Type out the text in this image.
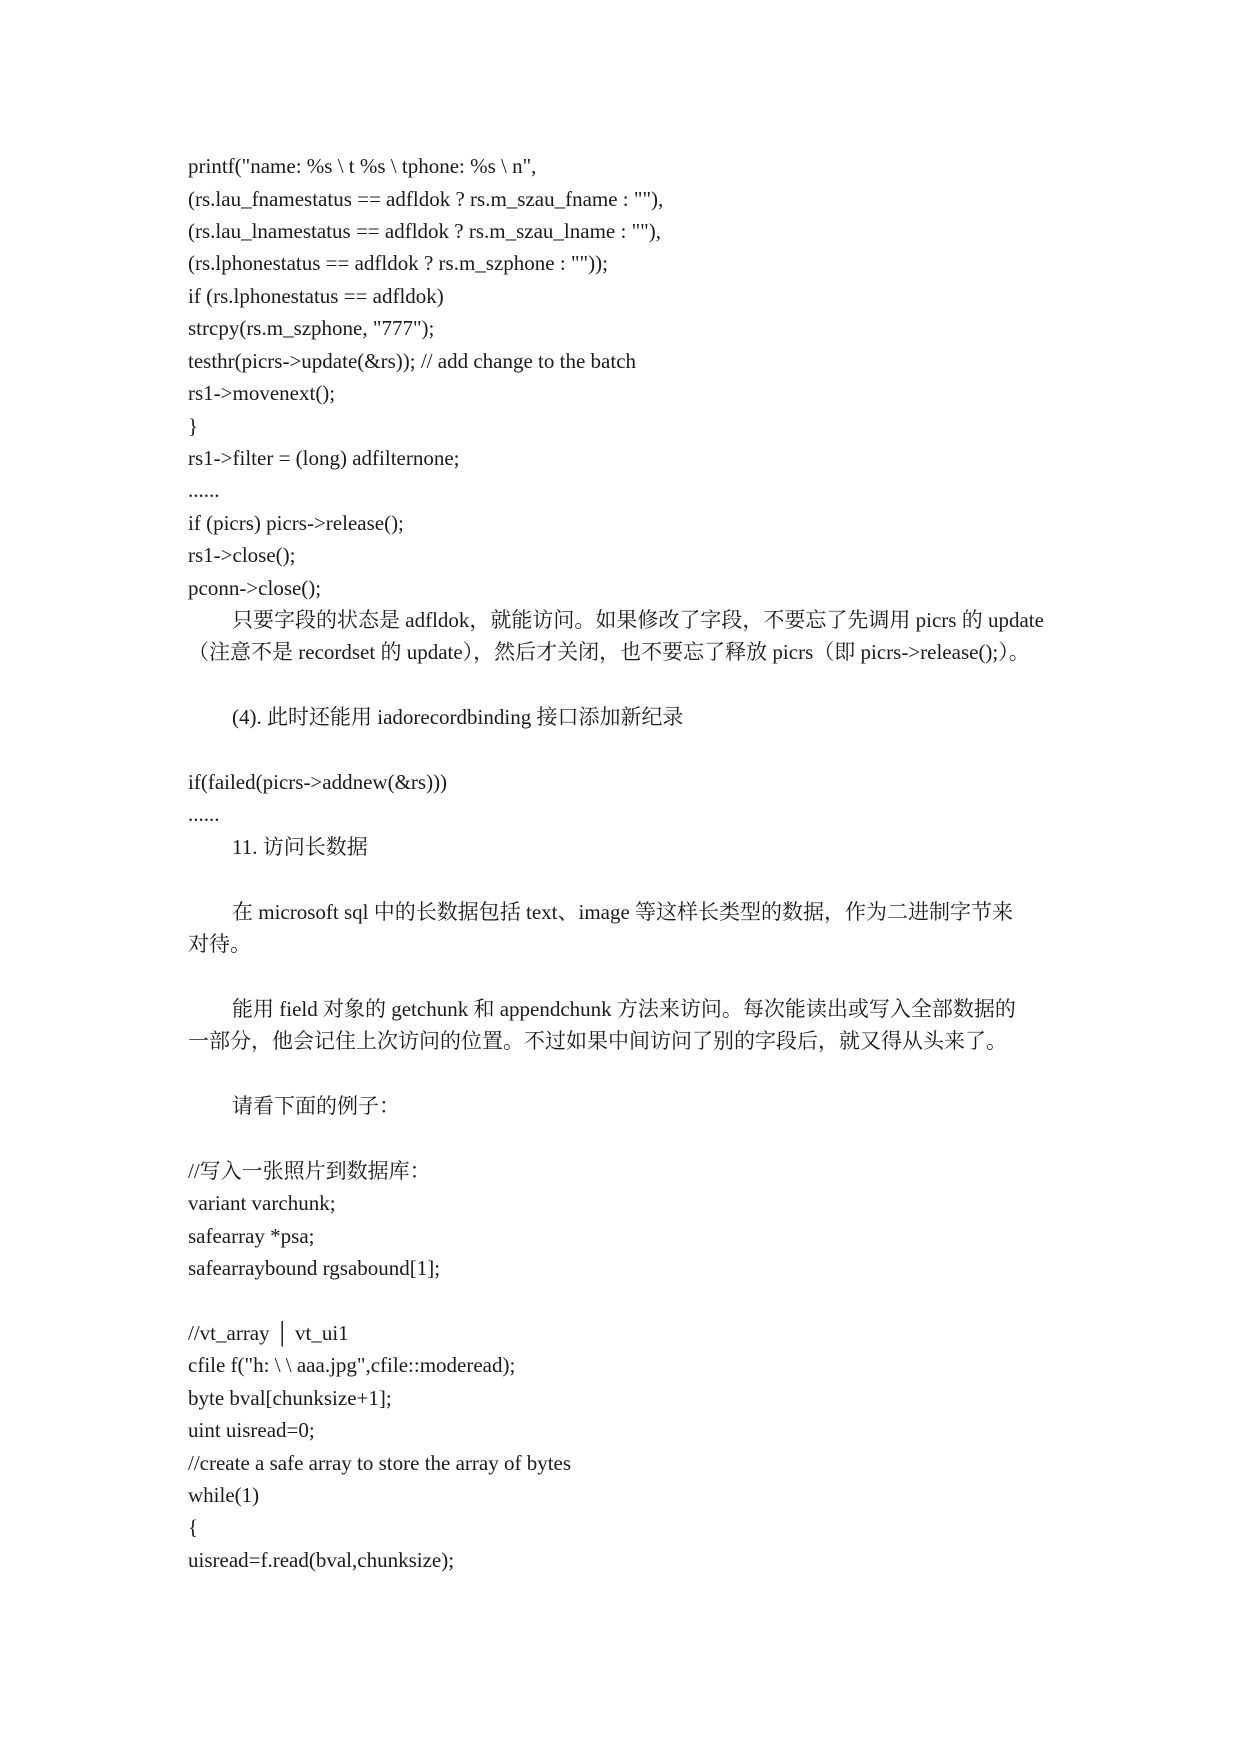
printf("name: %s \ t %s \ tphone: %s \ n",
(rs.lau_fnamestatus == adfldok ? rs.m_szau_fname : ""),
(rs.lau_lnamestatus == adfldok ? rs.m_szau_lname : ""),
(rs.lphonestatus == adfldok ? rs.m_szphone : ""));
if (rs.lphonestatus == adfldok)
strcpy(rs.m_szphone, "777");
testhr(picrs->update(&rs)); // add change to the batch
rs1->movenext();
}
rs1->filter = (long) adfilternone;
......
if (picrs) picrs->release();
rs1->close();
pconn->close();
只要字段的状态是 adfldok，就能访问。如果修改了字段，不要忘了先调用 picrs 的 update
（注意不是 recordset 的 update），然后才关闭，也不要忘了释放 picrs（即 picrs->release();）。
(4). 此时还能用 iadorecordbinding 接口添加新纪录
if(failed(picrs->addnew(&rs)))
......
11. 访问长数据
在 microsoft sql 中的长数据包括 text、image 等这样长类型的数据，作为二进制字节来
对待。
能用 field 对象的 getchunk 和 appendchunk 方法来访问。每次能读出或写入全部数据的
一部分，他会记住上次访问的位置。不过如果中间访问了别的字段后，就又得从头来了。
请看下面的例子：
//写入一张照片到数据库：
variant varchunk;
safearray *psa;
safearraybound rgsabound[1];
//vt_array │ vt_ui1
cfile f("h: \ \ aaa.jpg",cfile::moderead);
byte bval[chunksize+1];
uint uisread=0;
//create a safe array to store the array of bytes
while(1)
{
uisread=f.read(bval,chunksize);
